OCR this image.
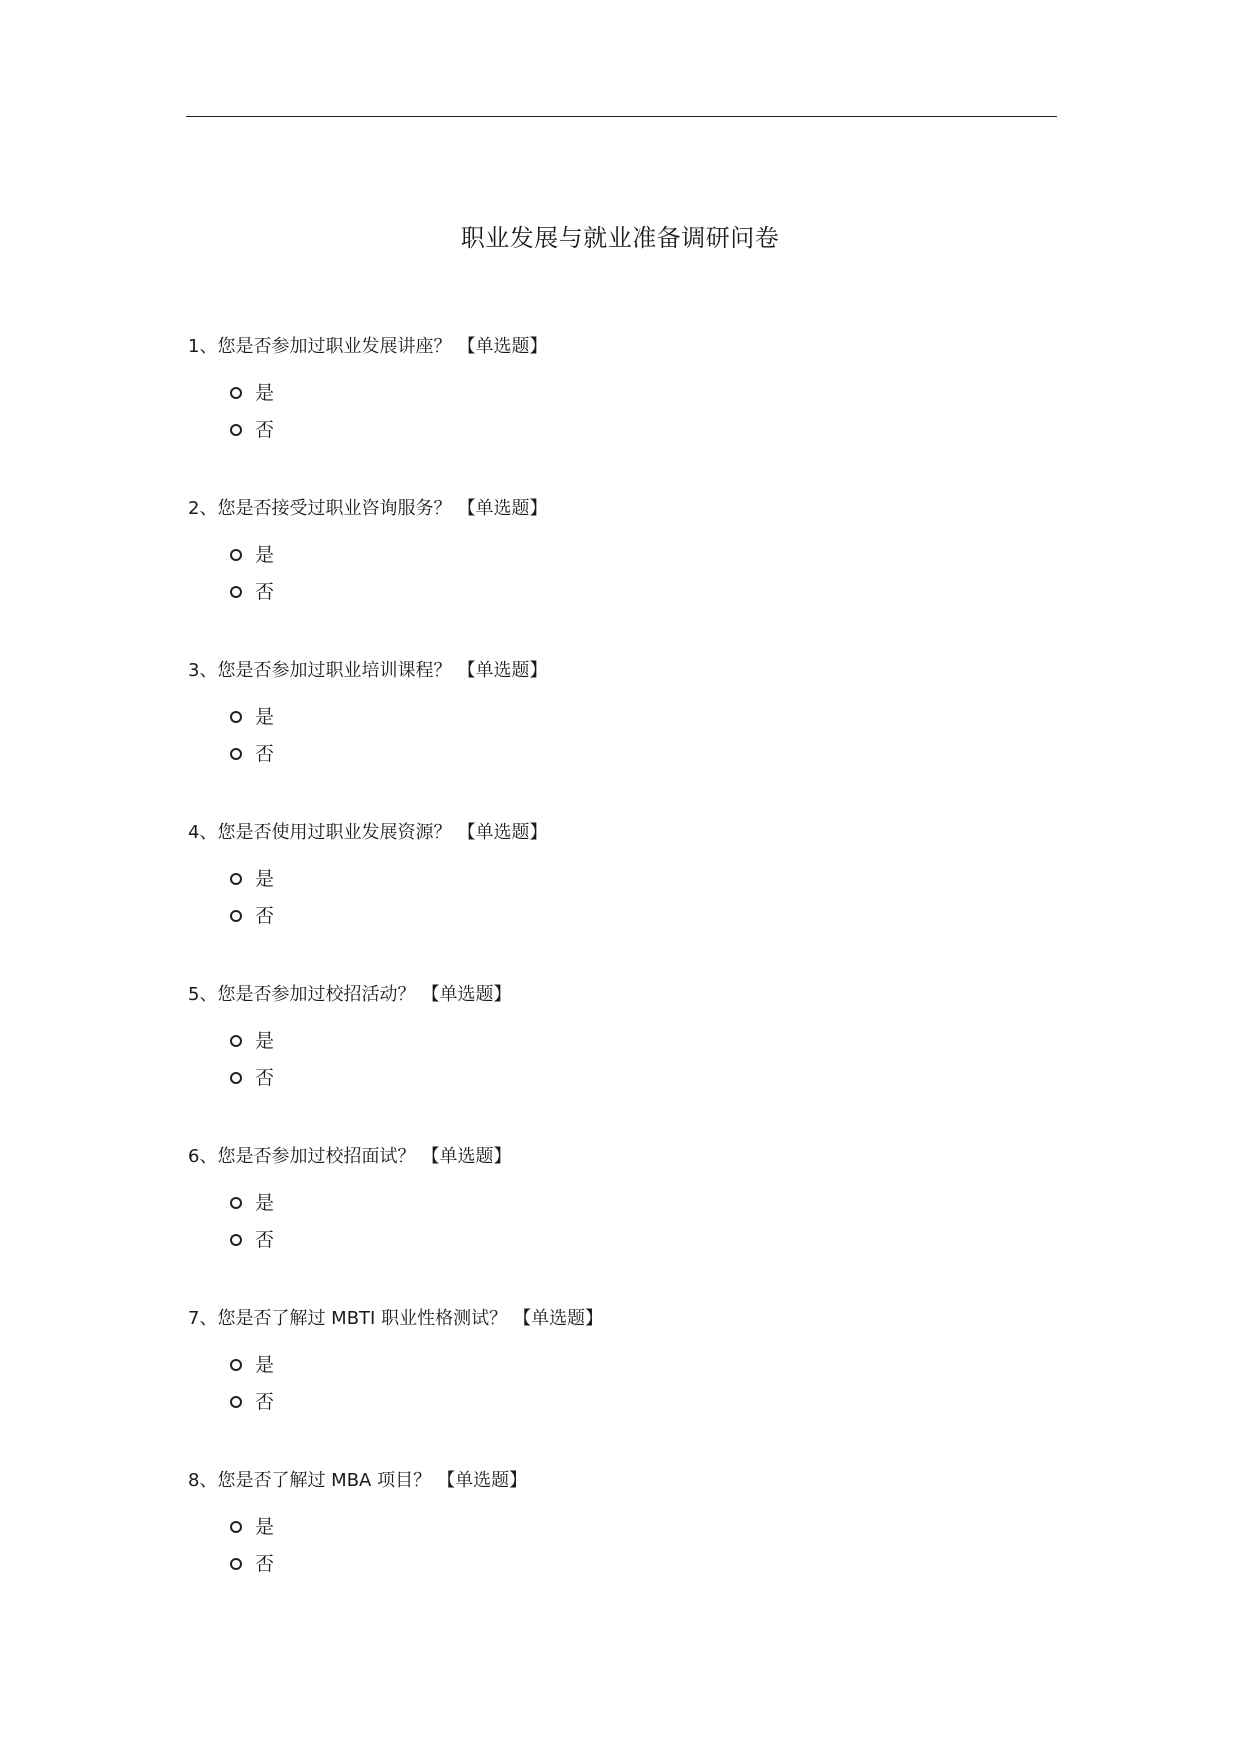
职业发展与就业准备调研问卷
1、您是否参加过职业发展讲座？ 【单选题】
是
否
2、您是否接受过职业咨询服务？ 【单选题】
是
否
3、您是否参加过职业培训课程？ 【单选题】
是
否
4、您是否使用过职业发展资源？ 【单选题】
是
否
5、您是否参加过校招活动？ 【单选题】
是
否
6、您是否参加过校招面试？ 【单选题】
是
否
7、您是否了解过 MBTI 职业性格测试？ 【单选题】
是
否
8、您是否了解过 MBA 项目？ 【单选题】
是
否
